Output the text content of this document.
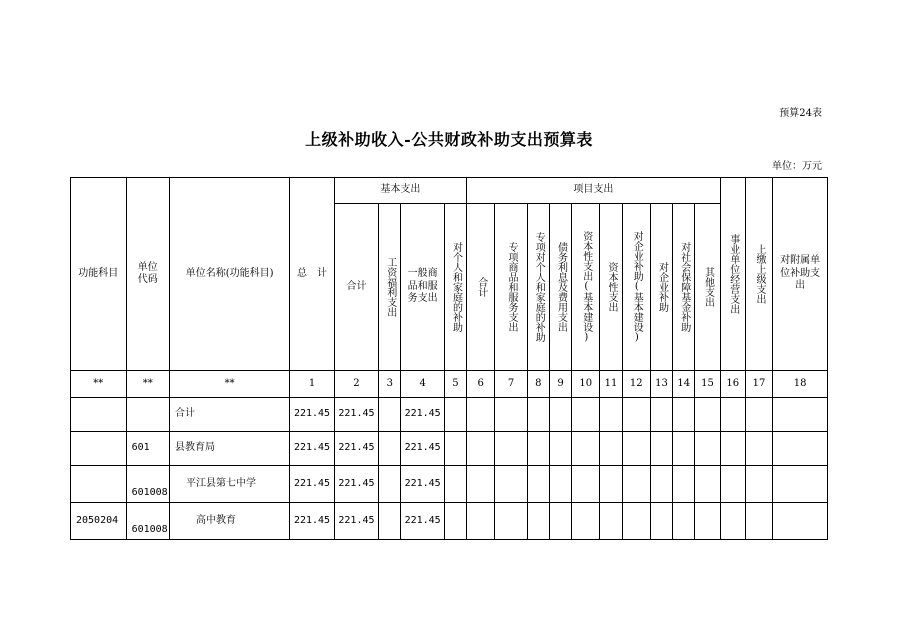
预算24表
上级补助收入-公共财政补助支出预算表
单位：万元
功能科目	单位代码	单位名称(功能科目)	总　计	基本支出				项目支出										事业单位经营支出	上缴上级支出	对附属单位补助支出
				合计	工资福利支出	一般商品和服务支出	对个人和家庭的补助	合计	专项商品和服务支出	专项对个人和家庭的补助	债务利息及费用支出	资本性支出(基本建设)	资本性支出	对企业补助(基本建设)	对企业补助	对社会保障基金补助	其他支出			

**	**	**	1	2	3	4	5	6	7	8	9	10	11	12	13	14	15	16	17	18
		合计	221.45	221.45		221.45														
	601	县教育局	221.45	221.45		221.45														
	601008	平江县第七中学	221.45	221.45		221.45														
2050204	601008	高中教育	221.45	221.45		221.45														
